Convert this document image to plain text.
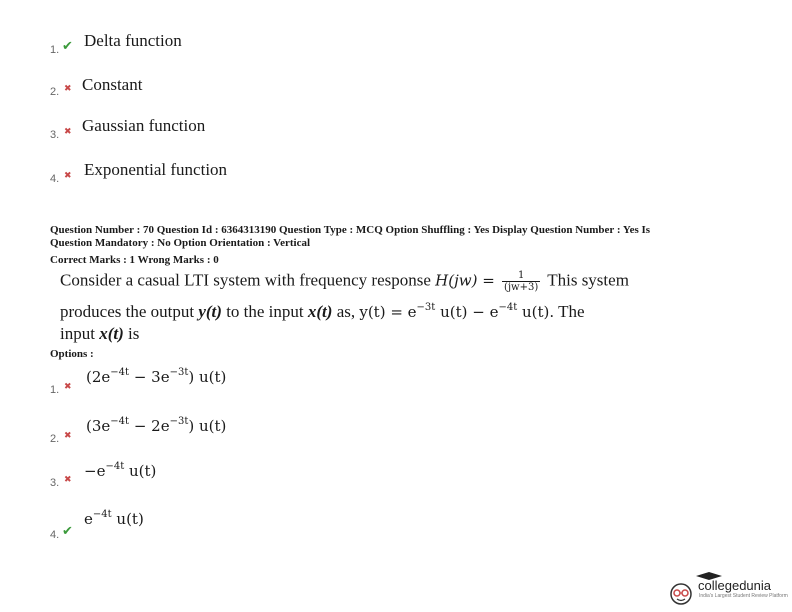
1. ✔ Delta function
2. ✖ Constant
3. ✖ Gaussian function
4. ✖ Exponential function
Question Number : 70 Question Id : 6364313190 Question Type : MCQ Option Shuffling : Yes Display Question Number : Yes Is
Question Mandatory : No Option Orientation : Vertical
Correct Marks : 1 Wrong Marks : 0
Consider a casual LTI system with frequency response $H(jw) = \frac{1}{(jw+3)}$ This system
produces the output y(t) to the input x(t) as, $y(t) = e^{-3t}$ $u(t) - e^{-4t}$ u(t). The
input x(t) is
Options :
1. ✖
$(2e^{-4t} - 3e^{-3t})$ u(t)
2. ✖
$(3e^{-4t} - 2e^{-3t})$ u(t)
3. ✖ $-e^{-4t}$ u(t)
4. ✔
$e^{-4t}$ u(t)
collegedunia
India's Largest Student Review Platform
